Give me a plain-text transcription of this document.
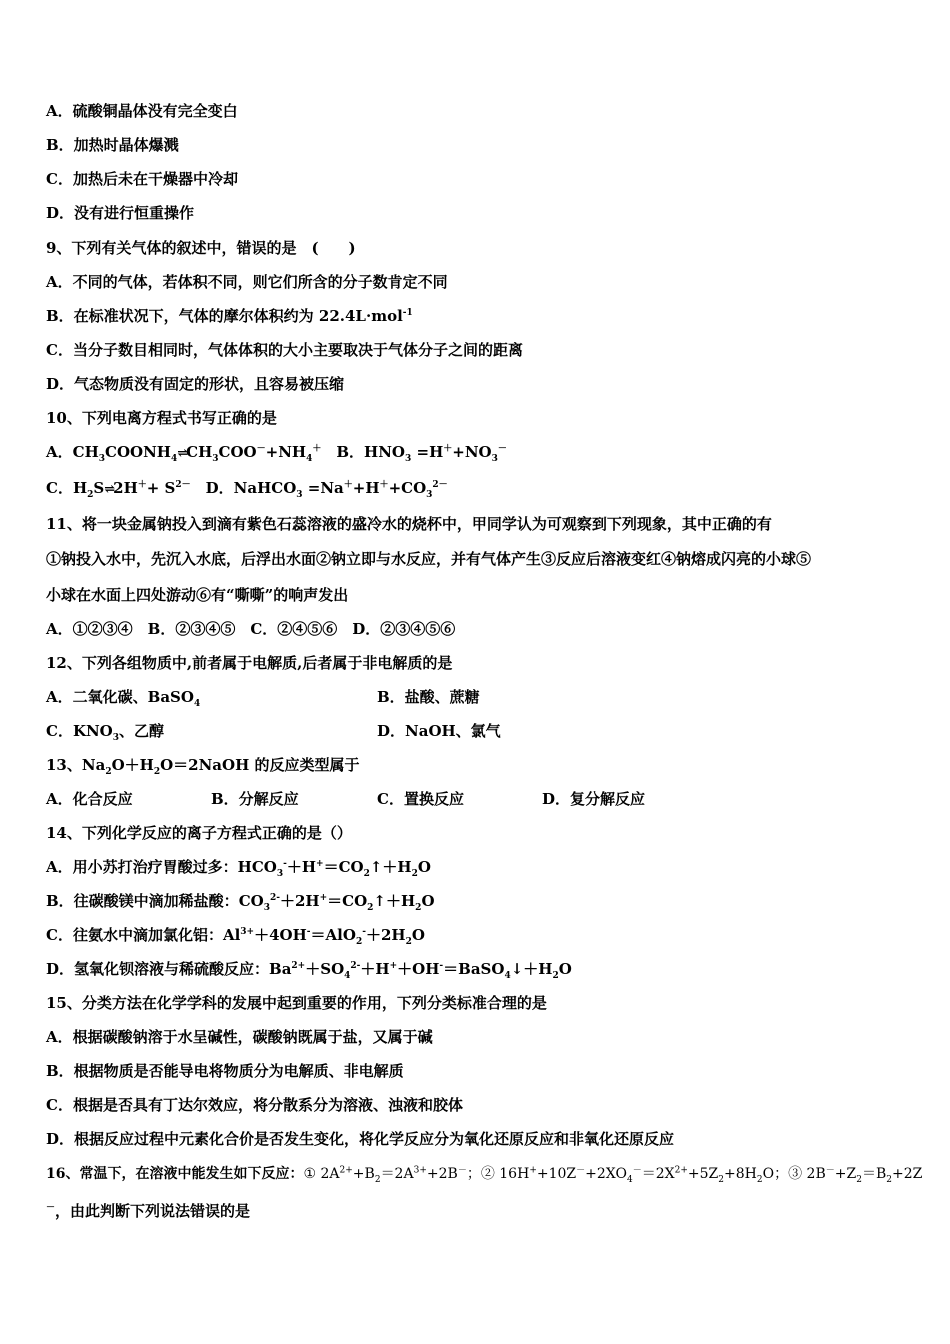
A．硫酸铜晶体没有完全变白
B．加热时晶体爆溅
C．加热后未在干燥器中冷却
D．没有进行恒重操作
9、下列有关气体的叙述中，错误的是　(　　)
A．不同的气体，若体积不同，则它们所含的分子数肯定不同
B．在标准状况下，气体的摩尔体积约为 22.4L·mol$^{-1}$
C．当分子数目相同时，气体体积的大小主要取决于气体分子之间的距离
D．气态物质没有固定的形状，且容易被压缩
10、下列电离方程式书写正确的是
A．$CH_3COONH_4\rightleftharpoons CH_3COO^-+NH_4^+$　B．$HNO_3 =H^++NO_3^-$
C．$H_2S\rightleftharpoons 2H^++ S^{2-}$　D．NaHCO$_3$ $=Na^++H^++CO_3^{2-}$
11、将一块金属钠投入到滴有紫色石蕊溶液的盛冷水的烧杯中，甲同学认为可观察到下列现象，其中正确的有
①钠投入水中，先沉入水底，后浮出水面②钠立即与水反应，并有气体产生③反应后溶液变红④钠熔成闪亮的小球⑤
小球在水面上四处游动⑥有“嘶嘶”的响声发出
A．①②③④　B．②③④⑤　C．②④⑤⑥　D．②③④⑤⑥
12、下列各组物质中,前者属于电解质,后者属于非电解质的是
A．二氧化碳、BaSO$_4$	B．盐酸、蔗糖
C．$KNO_3$、乙醇	D．NaOH、氯气
13、$Na_2O+H_2O=2NaOH$ 的反应类型属于
A．化合反应	B．分解反应	C．置换反应	D．复分解反应
14、下列化学反应的离子方程式正确的是（）
A．用小苏打治疗胃酸过多：$HCO_3^-+H^+=CO_2↑+H_2O$
B．往碳酸镁中滴加稀盐酸：$CO_3^{2-}+2H^+=CO_2↑+H_2O$
C．往氨水中滴加氯化铝：$Al^{3+}+4OH^-=AlO_2^-+2H_2O$
D．氢氧化钡溶液与稀硫酸反应：$Ba^{2+}+SO_4^{2-}+H^++OH^-=BaSO_4↓+H_2O$
15、分类方法在化学学科的发展中起到重要的作用，下列分类标准合理的是
A．根据碳酸钠溶于水呈碱性，碳酸钠既属于盐，又属于碱
B．根据物质是否能导电将物质分为电解质、非电解质
C．根据是否具有丁达尔效应，将分散系分为溶液、浊液和胶体
D．根据反应过程中元素化合价是否发生变化，将化学反应分为氧化还原反应和非氧化还原反应
16、常温下，在溶液中能发生如下反应：① $2A^{2+}+B_2=2A^{3+}+2B^-$；② $16H^++10Z^-+2XO_4^-=2X^{2+}+5Z_2+8H_2O$；③ $2B^-+Z_2=B_2+2Z$
－，由此判断下列说法错误的是
